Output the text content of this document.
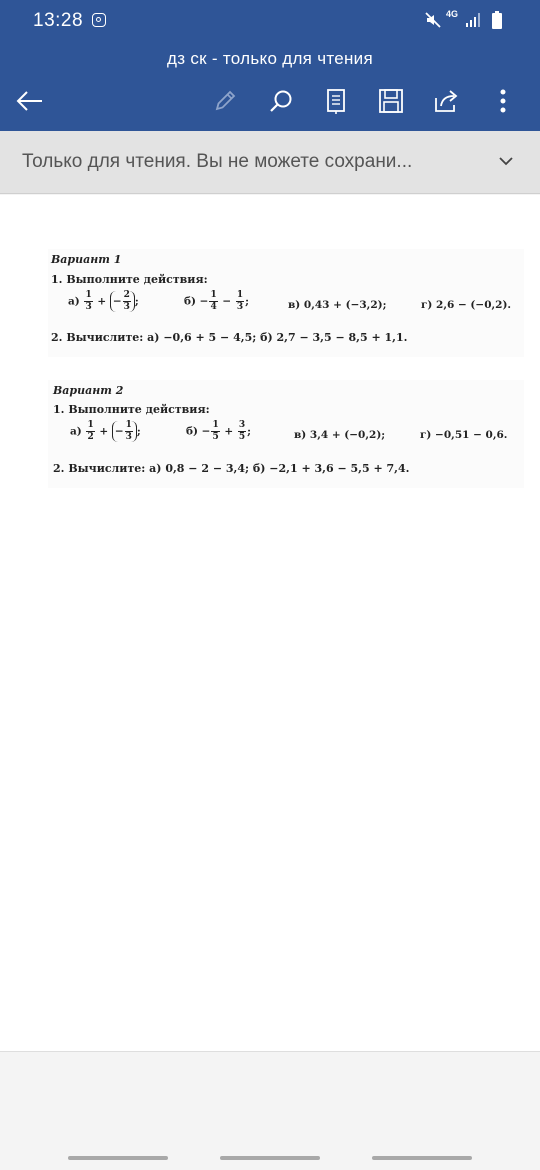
13:28	4G
дз ск - только для чтения
Только для чтения. Вы не можете сохрани...
Вариант 1
1. Выполните действия:
$а) \frac{1}{3}$ + − $\frac{2}{3}$ ;	$б) - \frac{1}{4} - \frac{1}{3}$ ;	в) 0,43 + (−3,2);	г) 2,6 − (−0,2).
2. Вычислите: а) −0,6 + 5 − 4,5; б) 2,7 − 3,5 − 8,5 + 1,1.
Вариант 2
1. Выполните действия:
$а) \frac{1}{2}$ + − $\frac{1}{3}$ ;	$б) - \frac{1}{5} + \frac{3}{5}$ ;	в) 3,4 + (−0,2);	г) −0,51 − 0,6.
2. Вычислите: а) 0,8 − 2 − 3,4; б) −2,1 + 3,6 − 5,5 + 7,4.
